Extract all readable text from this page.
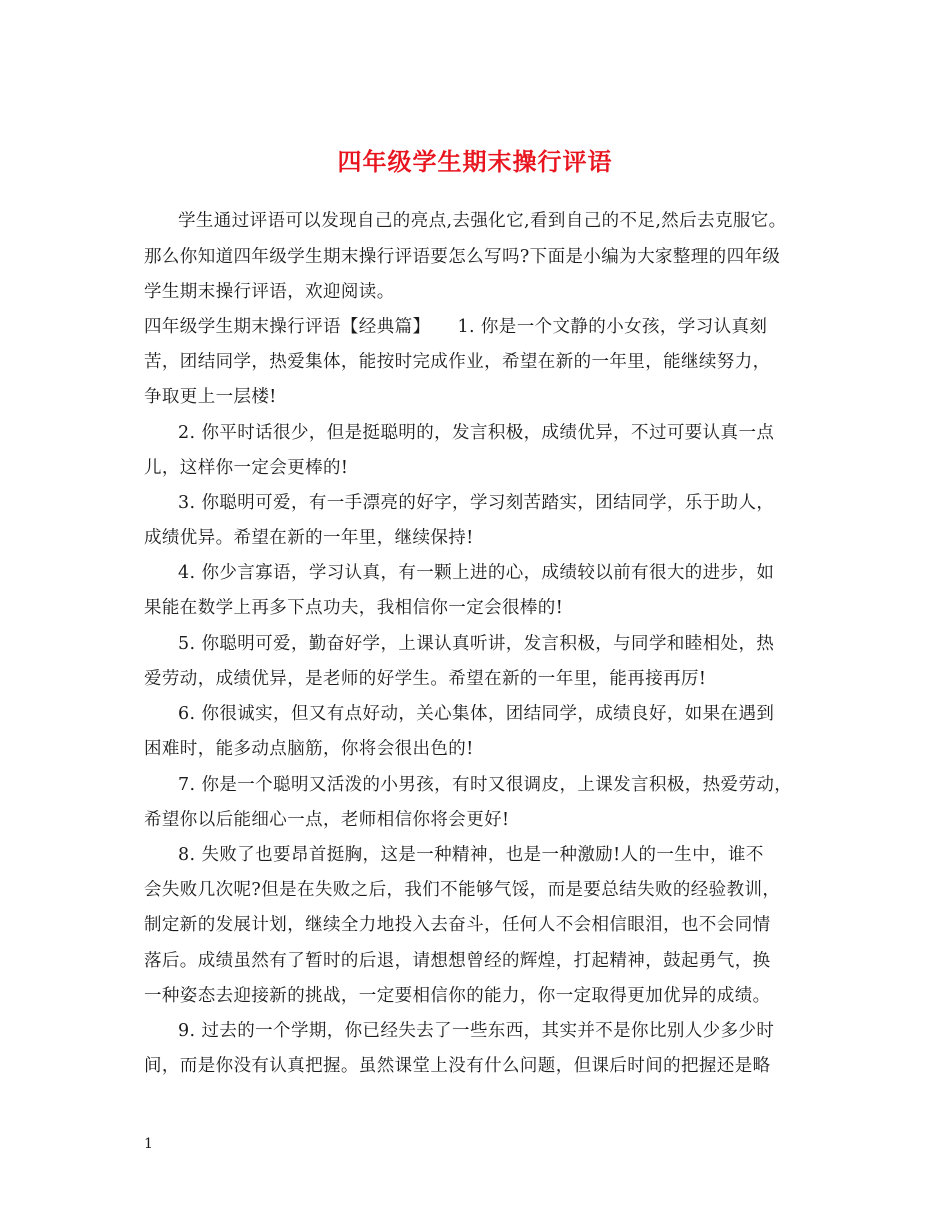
四年级学生期末操行评语
学生通过评语可以发现自己的亮点,去强化它,看到自己的不足,然后去克服它。
那么你知道四年级学生期末操行评语要怎么写吗?下面是小编为大家整理的四年级
学生期末操行评语，欢迎阅读。
四年级学生期末操行评语【经典篇】　　1. 你是一个文静的小女孩，学习认真刻
苦，团结同学，热爱集体，能按时完成作业，希望在新的一年里，能继续努力，
争取更上一层楼!
2. 你平时话很少，但是挺聪明的，发言积极，成绩优异，不过可要认真一点
儿，这样你一定会更棒的!
3. 你聪明可爱，有一手漂亮的好字，学习刻苦踏实，团结同学，乐于助人，
成绩优异。希望在新的一年里，继续保持!
4. 你少言寡语，学习认真，有一颗上进的心，成绩较以前有很大的进步，如
果能在数学上再多下点功夫，我相信你一定会很棒的!
5. 你聪明可爱，勤奋好学，上课认真听讲，发言积极，与同学和睦相处，热
爱劳动，成绩优异，是老师的好学生。希望在新的一年里，能再接再厉!
6. 你很诚实，但又有点好动，关心集体，团结同学，成绩良好，如果在遇到
困难时，能多动点脑筋，你将会很出色的!
7. 你是一个聪明又活泼的小男孩，有时又很调皮，上课发言积极，热爱劳动，
希望你以后能细心一点，老师相信你将会更好!
8. 失败了也要昂首挺胸，这是一种精神，也是一种激励!人的一生中，谁不
会失败几次呢?但是在失败之后，我们不能够气馁，而是要总结失败的经验教训，
制定新的发展计划，继续全力地投入去奋斗，任何人不会相信眼泪，也不会同情
落后。成绩虽然有了暂时的后退，请想想曾经的辉煌，打起精神，鼓起勇气，换
一种姿态去迎接新的挑战，一定要相信你的能力，你一定取得更加优异的成绩。
9. 过去的一个学期，你已经失去了一些东西，其实并不是你比别人少多少时
间，而是你没有认真把握。虽然课堂上没有什么问题，但课后时间的把握还是略
1
